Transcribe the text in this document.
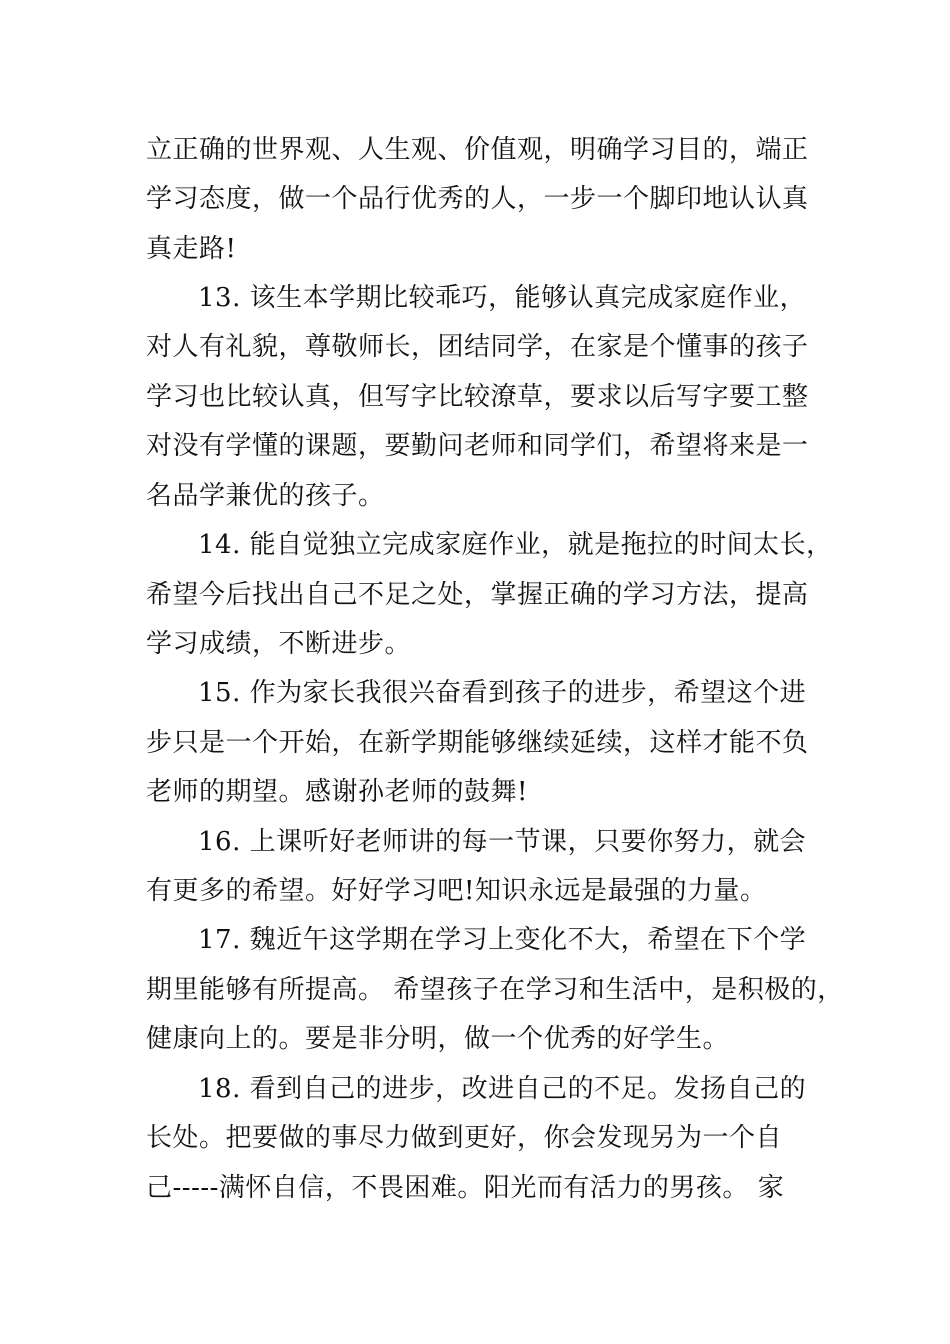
立正确的世界观、人生观、价值观，明确学习目的，端正
学习态度，做一个品行优秀的人，一步一个脚印地认认真
真走路!
13. 该生本学期比较乖巧，能够认真完成家庭作业，
对人有礼貌，尊敬师长，团结同学，在家是个懂事的孩子
学习也比较认真，但写字比较潦草，要求以后写字要工整
对没有学懂的课题，要勤问老师和同学们，希望将来是一
名品学兼优的孩子。
14. 能自觉独立完成家庭作业，就是拖拉的时间太长，
希望今后找出自己不足之处，掌握正确的学习方法，提高
学习成绩，不断进步。
15. 作为家长我很兴奋看到孩子的进步，希望这个进
步只是一个开始，在新学期能够继续延续，这样才能不负
老师的期望。感谢孙老师的鼓舞!
16. 上课听好老师讲的每一节课，只要你努力，就会
有更多的希望。好好学习吧!知识永远是最强的力量。
17. 魏近午这学期在学习上变化不大，希望在下个学
期里能够有所提高。 希望孩子在学习和生活中，是积极的，
健康向上的。要是非分明，做一个优秀的好学生。
18. 看到自己的进步，改进自己的不足。发扬自己的
长处。把要做的事尽力做到更好，你会发现另为一个自
己-----满怀自信，不畏困难。阳光而有活力的男孩。 家
